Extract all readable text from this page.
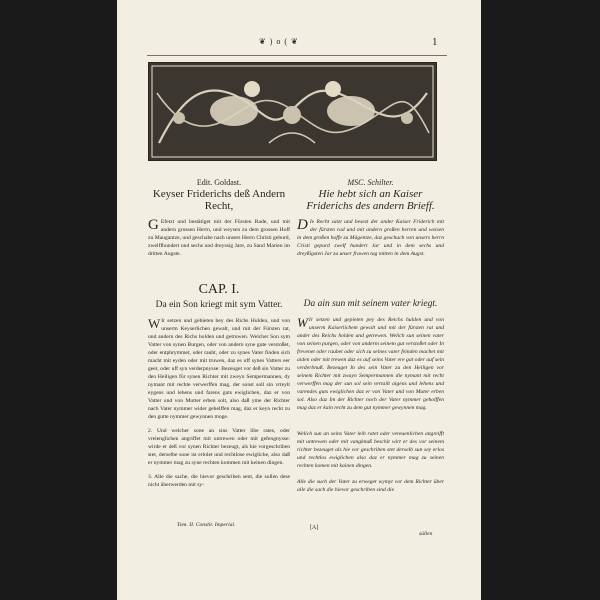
❦ ) o ( ❦	1
Edit. Goldast.
Keyser Friderichs deß Andern Recht,

G Efetzt und bestätiget mit der Fürsten Rade, und mit andern grossen Herrn, und weysen zu dem grossen Hoff zu Maugantze, und geschahe nach unsers Herrn Christi geburd, zwelffhundert und sechs und dreyssig Jare, zu Sand Marien im dritten Augste.

CAP. I.
Da ein Son kriegt mit sym Vatter.

W Ir setzen und gebieten bey des Richs Hulden, und von unserm Keyserlichen gewalt, und mit der Fürsten rat, und andern des Richs holden und getruwen. Welcher Son sym Vatter von synen Burgen, oder von andern syne gute verstoßet, oder entphrymmet, oder raubt, oder zu synes Vater finden sich macht mit eyden oder mit truwen, daz es uff synes Vatters eer geet, oder uff syn verderpnysse: Bezeuget vor deß sin Vatter zu den Heiligen für synen Richter mit zweyn Sempermannen, dy nymant mit rechte verwerffen mag, der sonst soll sin vrteylt eygens und lehens und farens guts ewiglichen, daz er von Vatter und von Mutter erben solt, also daß yme der Richter nach Vater nymmer wider gehelffen mag, daz er keyn recht zu den gutte nymmer gewynnen moge.

2. Und welcher sone an sins Vatter libe rates, oder vrelenglichen angriffet mit untrewen oder mit gefengnysse: wirde er deß vor synen Richter bezeugt, als hie vorgeschriben stet, derselbe sone ist erlolet und rechtlose ewigliche, also daß er nymmer mag zu syne rechten kommen mit keinen dingen.

3. Alle die sache, die hievor geschriben sent, die sollen dese nicht überwerden mit sy-

MSC. Schilter.
Hie hebt sich an Kaiser Friderichs des andern Brieff.

D Ie Recht satzt und besezt der ander Kaiser Friderich mit der fürsten rad und mit andern großen herren und weisen in dem großen hoffe zu Mägentze, daz geschach von unsers herrn Cristi gepurd zwelf hundert Jar und in dem sechs und dreyßigsten Jar zu unser frawen tag mitten in dem Augst.

Da ain sun mit seinem vater kriegt.

W Ir setzen und gepieten pey des Reichs hulden und von unserm Kaiserlichem gewalt und mit der fürsten rat und ander des Reichs holden und getrewen. Welich sun seinen vater von seinen purgen, oder von anderm seinem gut verstoßet oder In frevenet oder raubet oder sich zu seines vater feinden machet mit aiden oder mit trewen daz es auf seins Vater ere gat oder auf sein verderbnuß. Bezeuget In des sein Vater zu den Heiligen vor seinem Richter mit zwayn Sempermannen die nymant mit recht verwerffen mag der sun sol sein vertailt aigens und lehens und varendes guts ewiglichen daz er von Vater und von Muter erben sol. Also daz Im der Richter noch der Vater nymmer geholffen mag daz er kain recht zu dem gut nymmer gewynnen mag.

Welich sun an seins Vater leib ratet oder vereuenlichen angreifft mit untrewen oder mit vangknuß beschit wirt er des vor seinem richter bezeuget als hie vor geschriben stet derselb sun sey erlos und rechtlos ewiglichen also daz er nymmer mag zu seinen rechten komen mit kainen dingen.

Alle die such der Vater zu erweget wymyt vor dem Richter über alle die sach die hievor geschriben sind die

Tom. II. Constit. Imperial.	[A]
süllen
